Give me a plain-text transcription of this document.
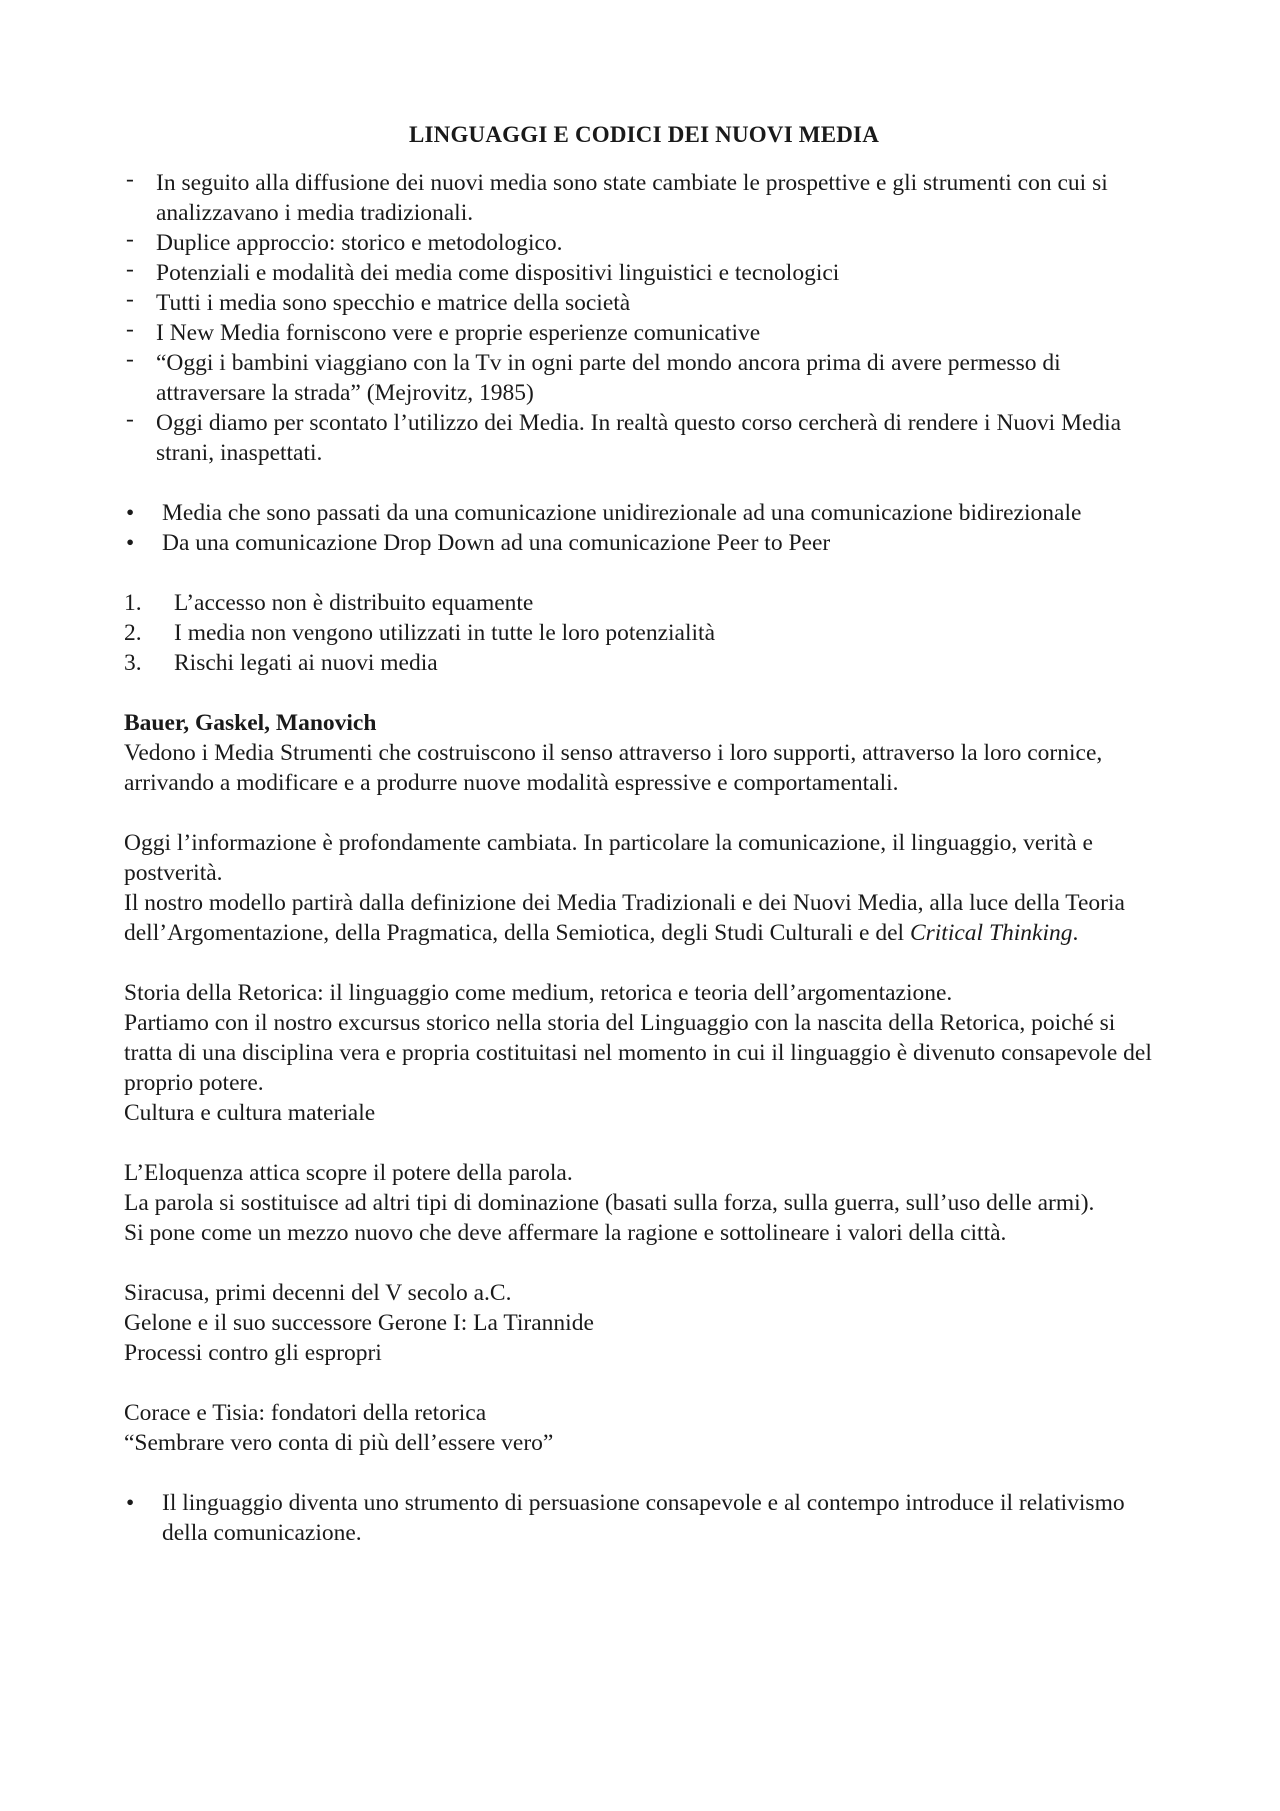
LINGUAGGI E CODICI DEI NUOVI MEDIA
- In seguito alla diffusione dei nuovi media sono state cambiate le prospettive e gli strumenti con cui si analizzavano i media tradizionali.
- Duplice approccio: storico e metodologico.
- Potenziali e modalità dei media come dispositivi linguistici e tecnologici
- Tutti i media sono specchio e matrice della società
- I New Media forniscono vere e proprie esperienze comunicative
- “Oggi i bambini viaggiano con la Tv in ogni parte del mondo ancora prima di avere permesso di attraversare la strada” (Mejrovitz, 1985)
- Oggi diamo per scontato l’utilizzo dei Media. In realtà questo corso cercherà di rendere i Nuovi Media strani, inaspettati.
• Media che sono passati da una comunicazione unidirezionale ad una comunicazione bidirezionale
• Da una comunicazione Drop Down ad una comunicazione Peer to Peer
1. L’accesso non è distribuito equamente
2. I media non vengono utilizzati in tutte le loro potenzialità
3. Rischi legati ai nuovi media

Bauer, Gaskel, Manovich

Vedono i Media Strumenti che costruiscono il senso attraverso i loro supporti, attraverso la loro cornice, arrivando a modificare e a produrre nuove modalità espressive e comportamentali.

Oggi l’informazione è profondamente cambiata. In particolare la comunicazione, il linguaggio, verità e postverità.

Il nostro modello partirà dalla definizione dei Media Tradizionali e dei Nuovi Media, alla luce della Teoria dell’Argomentazione, della Pragmatica, della Semiotica, degli Studi Culturali e del Critical Thinking.

Storia della Retorica: il linguaggio come medium, retorica e teoria dell’argomentazione.

Partiamo con il nostro excursus storico nella storia del Linguaggio con la nascita della Retorica, poiché si tratta di una disciplina vera e propria costituitasi nel momento in cui il linguaggio è divenuto consapevole del proprio potere.

Cultura e cultura materiale

L’Eloquenza attica scopre il potere della parola.

La parola si sostituisce ad altri tipi di dominazione (basati sulla forza, sulla guerra, sull’uso delle armi).

Si pone come un mezzo nuovo che deve affermare la ragione e sottolineare i valori della città.

Siracusa, primi decenni del V secolo a.C.

Gelone e il suo successore Gerone I: La Tirannide

Processi contro gli espropri

Corace e Tisia: fondatori della retorica

“Sembrare vero conta di più dell’essere vero”

• Il linguaggio diventa uno strumento di persuasione consapevole e al contempo introduce il relativismo della comunicazione.
